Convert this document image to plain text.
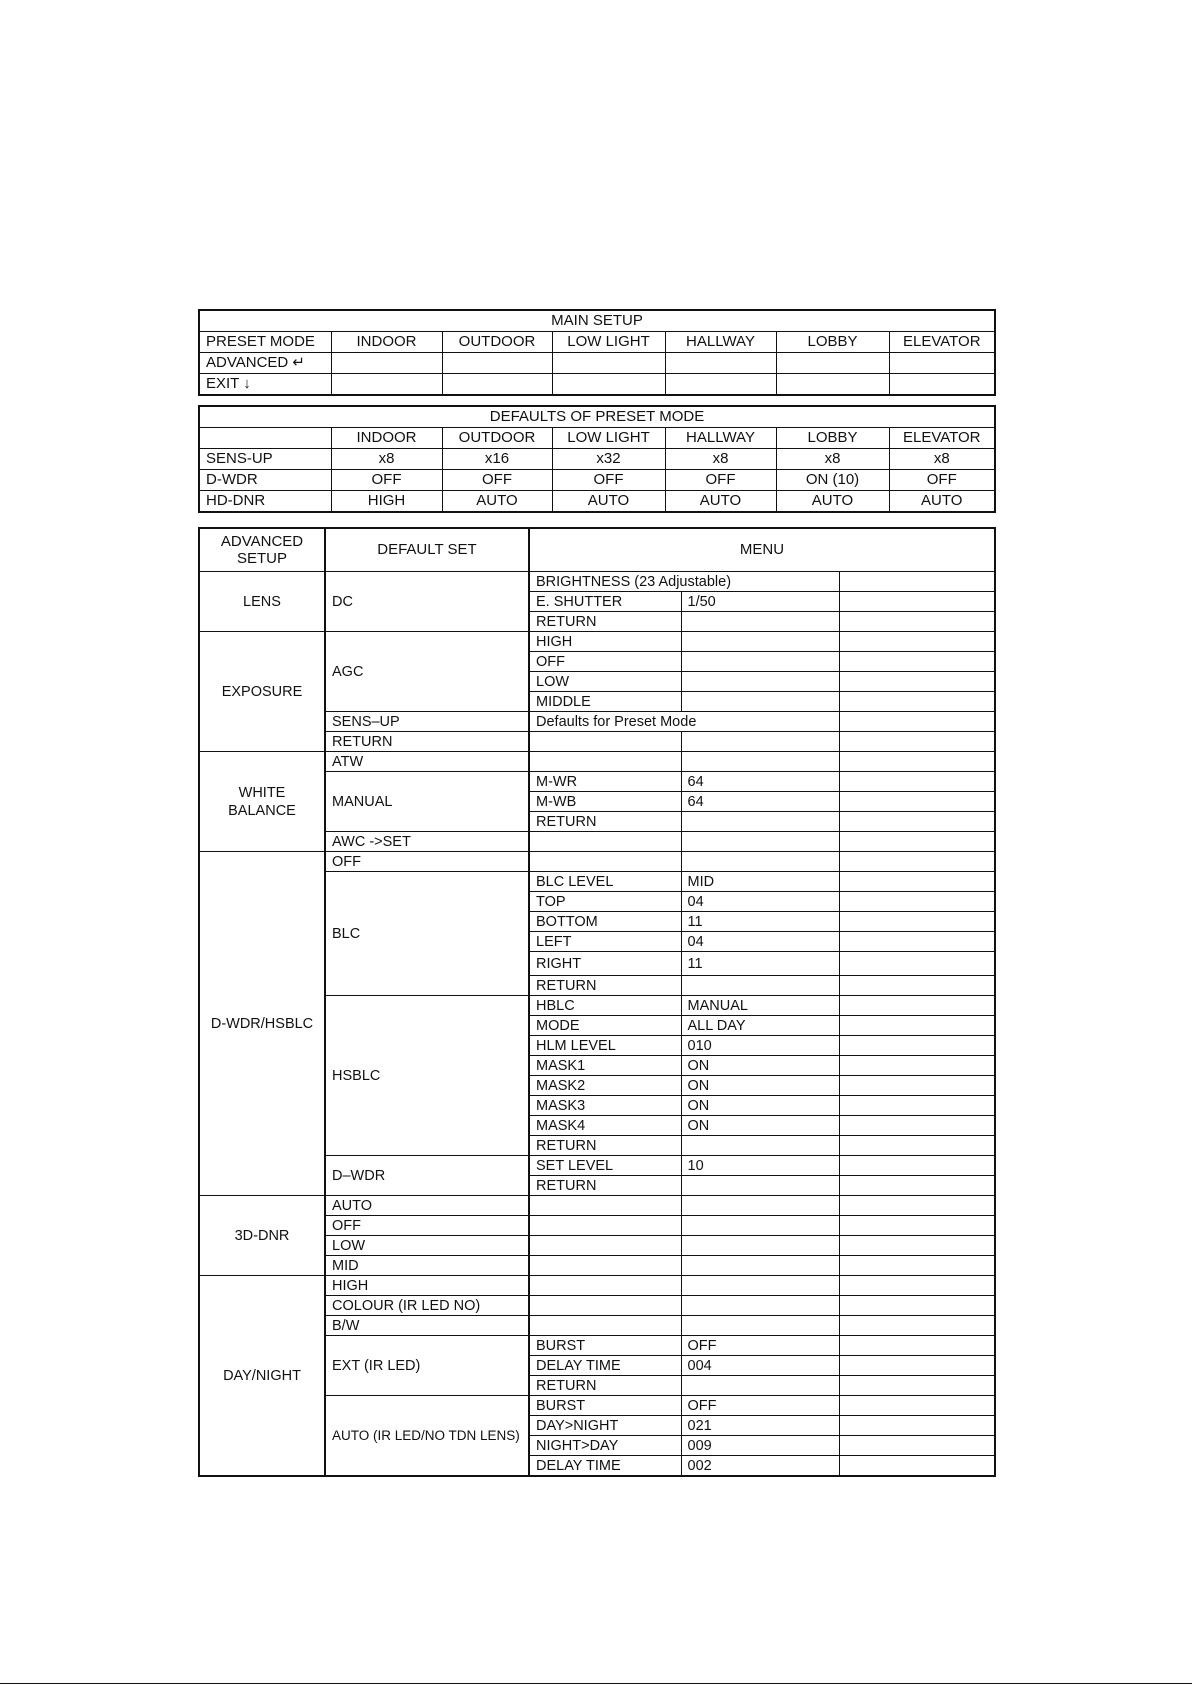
MAIN SETUP						
PRESET MODE	INDOOR	OUTDOOR	LOW LIGHT	HALLWAY	LOBBY	ELEVATOR
ADVANCED ↵						
EXIT ↓						
DEFAULTS OF PRESET MODE						
	INDOOR	OUTDOOR	LOW LIGHT	HALLWAY	LOBBY	ELEVATOR
SENS-UP	x8	x16	x32	x8	x8	x8
D-WDR	OFF	OFF	OFF	OFF	ON (10)	OFF
HD-DNR	HIGH	AUTO	AUTO	AUTO	AUTO	AUTO
ADVANCED SETUP	DEFAULT SET	MENU		
LENS	DC	BRIGHTNESS (23 Adjustable)		
		E. SHUTTER	1/50	
		RETURN		
EXPOSURE	AGC	HIGH		
		OFF		
		LOW		
		MIDDLE		
	SENS–UP	Defaults for Preset Mode		
	RETURN			
WHITE BALANCE	ATW			
	MANUAL	M-WR	64	
		M-WB	64	
		RETURN		
	AWC ->SET			
D-WDR/HSBLC	OFF			
	BLC	BLC LEVEL	MID	
		TOP	04	
		BOTTOM	11	
		LEFT	04	
		RIGHT	11	
		RETURN		
	HSBLC	HBLC	MANUAL	
		MODE	ALL DAY	
		HLM LEVEL	010	
		MASK1	ON	
		MASK2	ON	
		MASK3	ON	
		MASK4	ON	
		RETURN		
	D–WDR	SET LEVEL	10	
		RETURN		
3D-DNR	AUTO			
	OFF			
	LOW			
	MID			
DAY/NIGHT	HIGH			
	COLOUR (IR LED NO)			
	B/W			
	EXT (IR LED)	BURST	OFF	
		DELAY TIME	004	
		RETURN		
	AUTO (IR LED/NO TDN LENS)	BURST	OFF	
		DAY>NIGHT	021	
		NIGHT>DAY	009	
		DELAY TIME	002	
